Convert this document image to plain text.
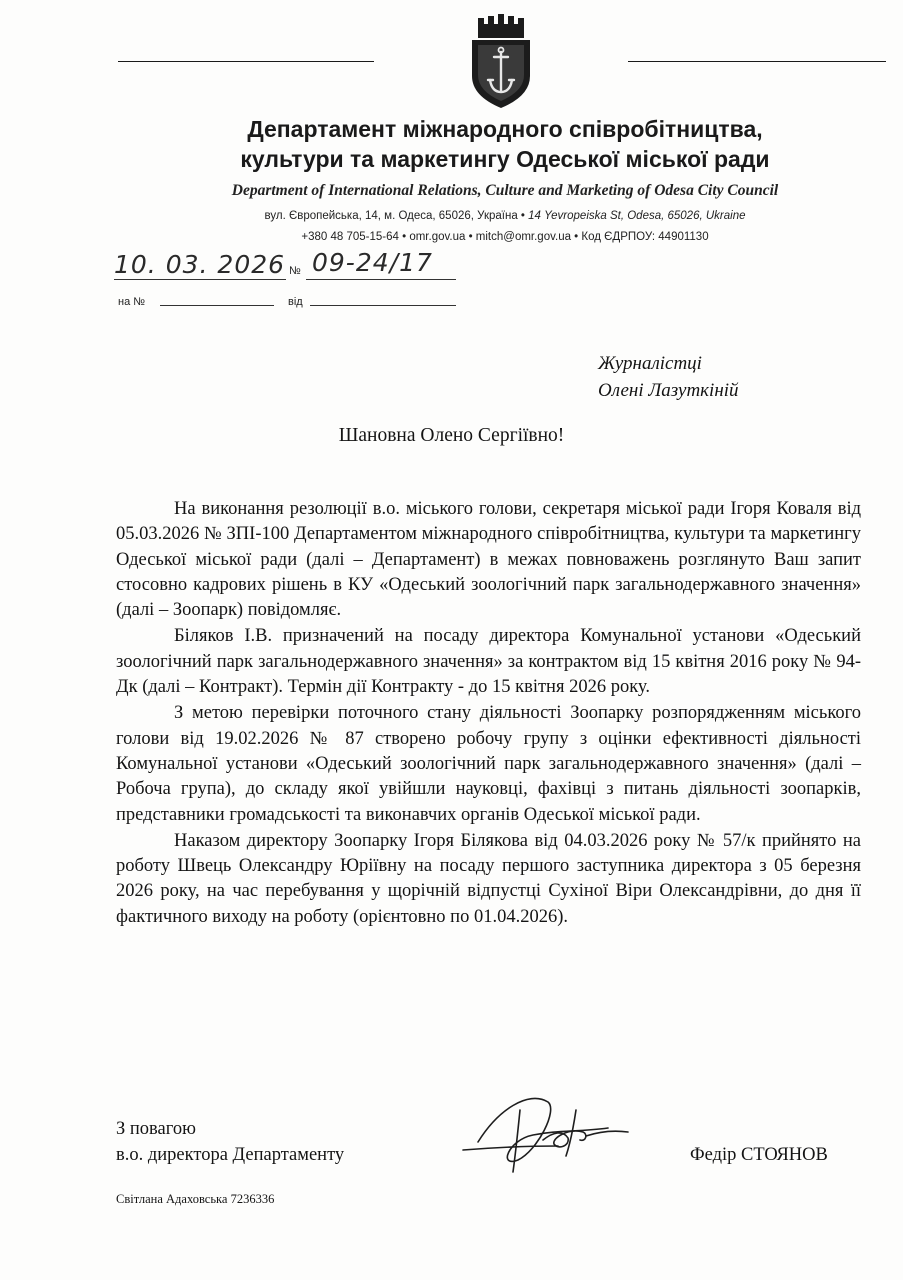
Департамент міжнародного співробітництва,
культури та маркетингу Одеської міської ради
Department of International Relations, Culture and Marketing of Odesa City Council
вул. Європейська, 14, м. Одеса, 65026, Україна • 14 Yevropeiska St, Odesa, 65026, Ukraine
+380 48 705-15-64 • omr.gov.ua • mitch@omr.gov.ua • Код ЄДРПОУ: 44901130
10. 03. 2026 № 09-24/17
на №	від
Журналістці
Олені Лазуткіній
Шановна Олено Сергіївно!

На виконання резолюції в.о. міського голови, секретаря міської ради Ігоря Коваля від 05.03.2026 № ЗПІ-100 Департаментом міжнародного співробітництва, культури та маркетингу Одеської міської ради (далі – Департамент) в межах повноважень розглянуто Ваш запит стосовно кадрових рішень в КУ «Одеський зоологічний парк загальнодержавного значення» (далі – Зоопарк) повідомляє.

Біляков І.В. призначений на посаду директора Комунальної установи «Одеський зоологічний парк загальнодержавного значення» за контрактом від 15 квітня 2016 року № 94-Дк (далі – Контракт). Термін дії Контракту - до 15 квітня 2026 року.

З метою перевірки поточного стану діяльності Зоопарку розпорядженням міського голови від 19.02.2026 № 87 створено робочу групу з оцінки ефективності діяльності Комунальної установи «Одеський зоологічний парк загальнодержавного значення» (далі – Робоча група), до складу якої увійшли науковці, фахівці з питань діяльності зоопарків, представники громадськості та виконавчих органів Одеської міської ради.

Наказом директору Зоопарку Ігоря Білякова від 04.03.2026 року № 57/к прийнято на роботу Швець Олександру Юріївну на посаду першого заступника директора з 05 березня 2026 року, на час перебування у щорічній відпустці Сухіної Віри Олександрівни, до дня її фактичного виходу на роботу (орієнтовно по 01.04.2026).

З повагою
в.о. директора Департаменту	Федір СТОЯНОВ
Світлана Адаховська 7236336
